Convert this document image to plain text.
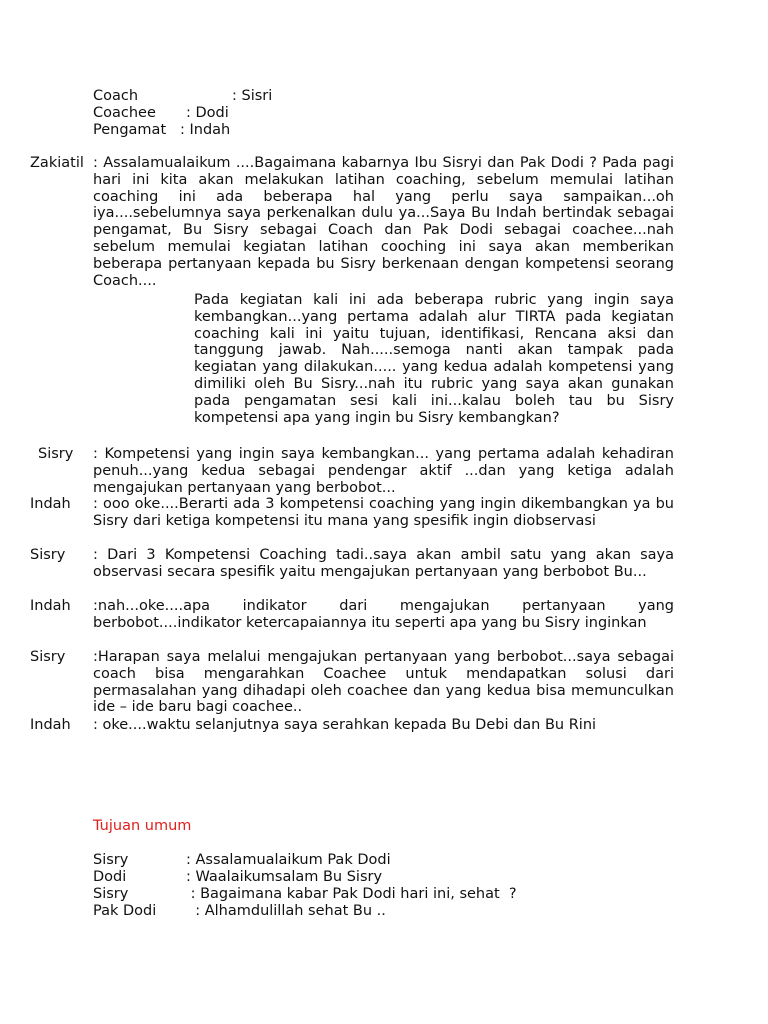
Coach	: Sisri
Coachee : Dodi
Pengamat : Indah
Zakiatil : Assalamualaikum ....Bagaimana kabarnya Ibu Sisryi dan Pak Dodi ? Pada pagi hari ini kita akan melakukan latihan coaching, sebelum memulai latihan coaching ini ada beberapa hal yang perlu saya sampaikan...oh iya....sebelumnya saya perkenalkan dulu ya...Saya Bu Indah bertindak sebagai pengamat, Bu Sisry sebagai Coach dan Pak Dodi sebagai coachee...nah sebelum memulai kegiatan latihan cooching ini saya akan memberikan beberapa pertanyaan kepada bu Sisry berkenaan dengan kompetensi seorang Coach....

Pada kegiatan kali ini ada beberapa rubric yang ingin saya kembangkan...yang pertama adalah alur TIRTA pada kegiatan coaching kali ini yaitu tujuan, identifikasi, Rencana aksi dan tanggung jawab. Nah.....semoga nanti akan tampak pada kegiatan yang dilakukan..... yang kedua adalah kompetensi yang dimiliki oleh Bu Sisry...nah itu rubric yang saya akan gunakan pada pengamatan sesi kali ini...kalau boleh tau bu Sisry kompetensi apa yang ingin bu Sisry kembangkan?

Sisry : Kompetensi yang ingin saya kembangkan... yang pertama adalah kehadiran penuh...yang kedua sebagai pendengar aktif ...dan yang ketiga adalah mengajukan pertanyaan yang berbobot...

Indah : ooo oke....Berarti ada 3 kompetensi coaching yang ingin dikembangkan ya bu Sisry dari ketiga kompetensi itu mana yang spesifik ingin diobservasi

Sisry : Dari 3 Kompetensi Coaching tadi..saya akan ambil satu yang akan saya observasi secara spesifik yaitu mengajukan pertanyaan yang berbobot Bu...

Indah :nah...oke....apa indikator dari mengajukan pertanyaan yang berbobot....indikator ketercapaiannya itu seperti apa yang bu Sisry inginkan

Sisry :Harapan saya melalui mengajukan pertanyaan yang berbobot...saya sebagai coach bisa mengarahkan Coachee untuk mendapatkan solusi dari permasalahan yang dihadapi oleh coachee dan yang kedua bisa memunculkan ide – ide baru bagi coachee..

Indah : oke....waktu selanjutnya saya serahkan kepada Bu Debi dan Bu Rini

Tujuan umum
Sisry	: Assalamualaikum Pak Dodi
Dodi	: Waalaikumsalam Bu Sisry
Sisry	: Bagaimana kabar Pak Dodi hari ini, sehat  ?
Pak Dodi : Alhamdulillah sehat Bu ..
